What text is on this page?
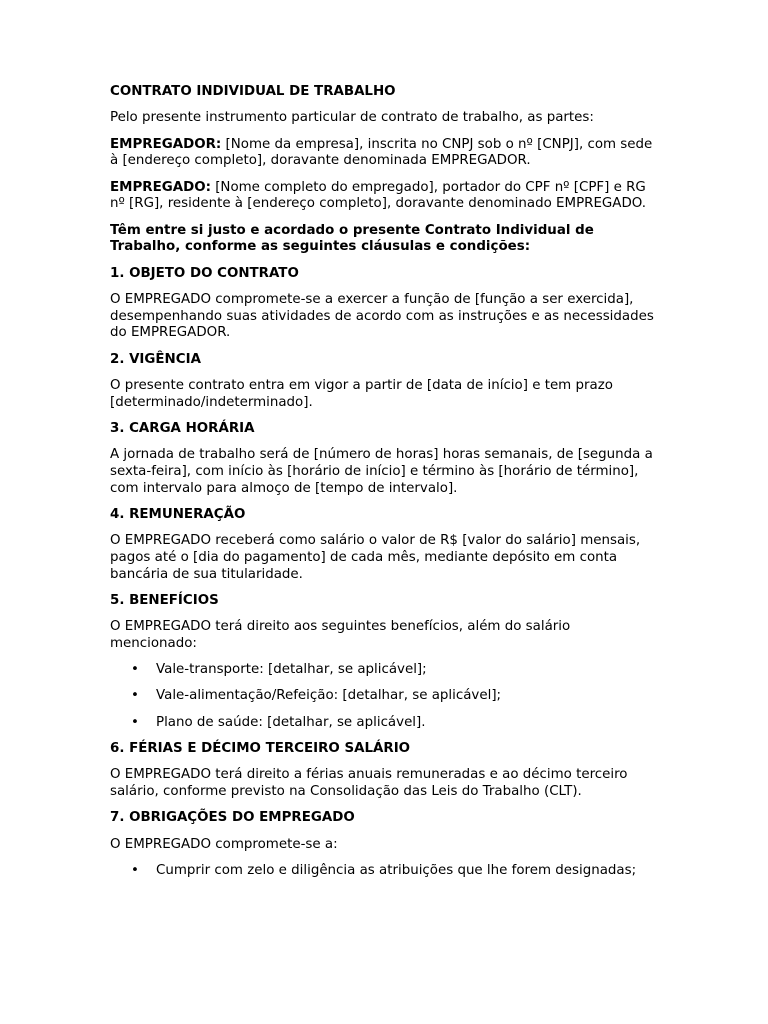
CONTRATO INDIVIDUAL DE TRABALHO
Pelo presente instrumento particular de contrato de trabalho, as partes:
EMPREGADOR: [Nome da empresa], inscrita no CNPJ sob o nº [CNPJ], com sede à [endereço completo], doravante denominada EMPREGADOR.
EMPREGADO: [Nome completo do empregado], portador do CPF nº [CPF] e RG nº [RG], residente à [endereço completo], doravante denominado EMPREGADO.
Têm entre si justo e acordado o presente Contrato Individual de Trabalho, conforme as seguintes cláusulas e condições:
1. OBJETO DO CONTRATO
O EMPREGADO compromete-se a exercer a função de [função a ser exercida], desempenhando suas atividades de acordo com as instruções e as necessidades do EMPREGADOR.
2. VIGÊNCIA
O presente contrato entra em vigor a partir de [data de início] e tem prazo [determinado/indeterminado].
3. CARGA HORÁRIA
A jornada de trabalho será de [número de horas] horas semanais, de [segunda a sexta-feira], com início às [horário de início] e término às [horário de término], com intervalo para almoço de [tempo de intervalo].
4. REMUNERAÇÃO
O EMPREGADO receberá como salário o valor de R$ [valor do salário] mensais, pagos até o [dia do pagamento] de cada mês, mediante depósito em conta bancária de sua titularidade.
5. BENEFÍCIOS
O EMPREGADO terá direito aos seguintes benefícios, além do salário mencionado:
• Vale-transporte: [detalhar, se aplicável];
• Vale-alimentação/Refeição: [detalhar, se aplicável];
• Plano de saúde: [detalhar, se aplicável].
6. FÉRIAS E DÉCIMO TERCEIRO SALÁRIO
O EMPREGADO terá direito a férias anuais remuneradas e ao décimo terceiro salário, conforme previsto na Consolidação das Leis do Trabalho (CLT).
7. OBRIGAÇÕES DO EMPREGADO
O EMPREGADO compromete-se a:
• Cumprir com zelo e diligência as atribuições que lhe forem designadas;
